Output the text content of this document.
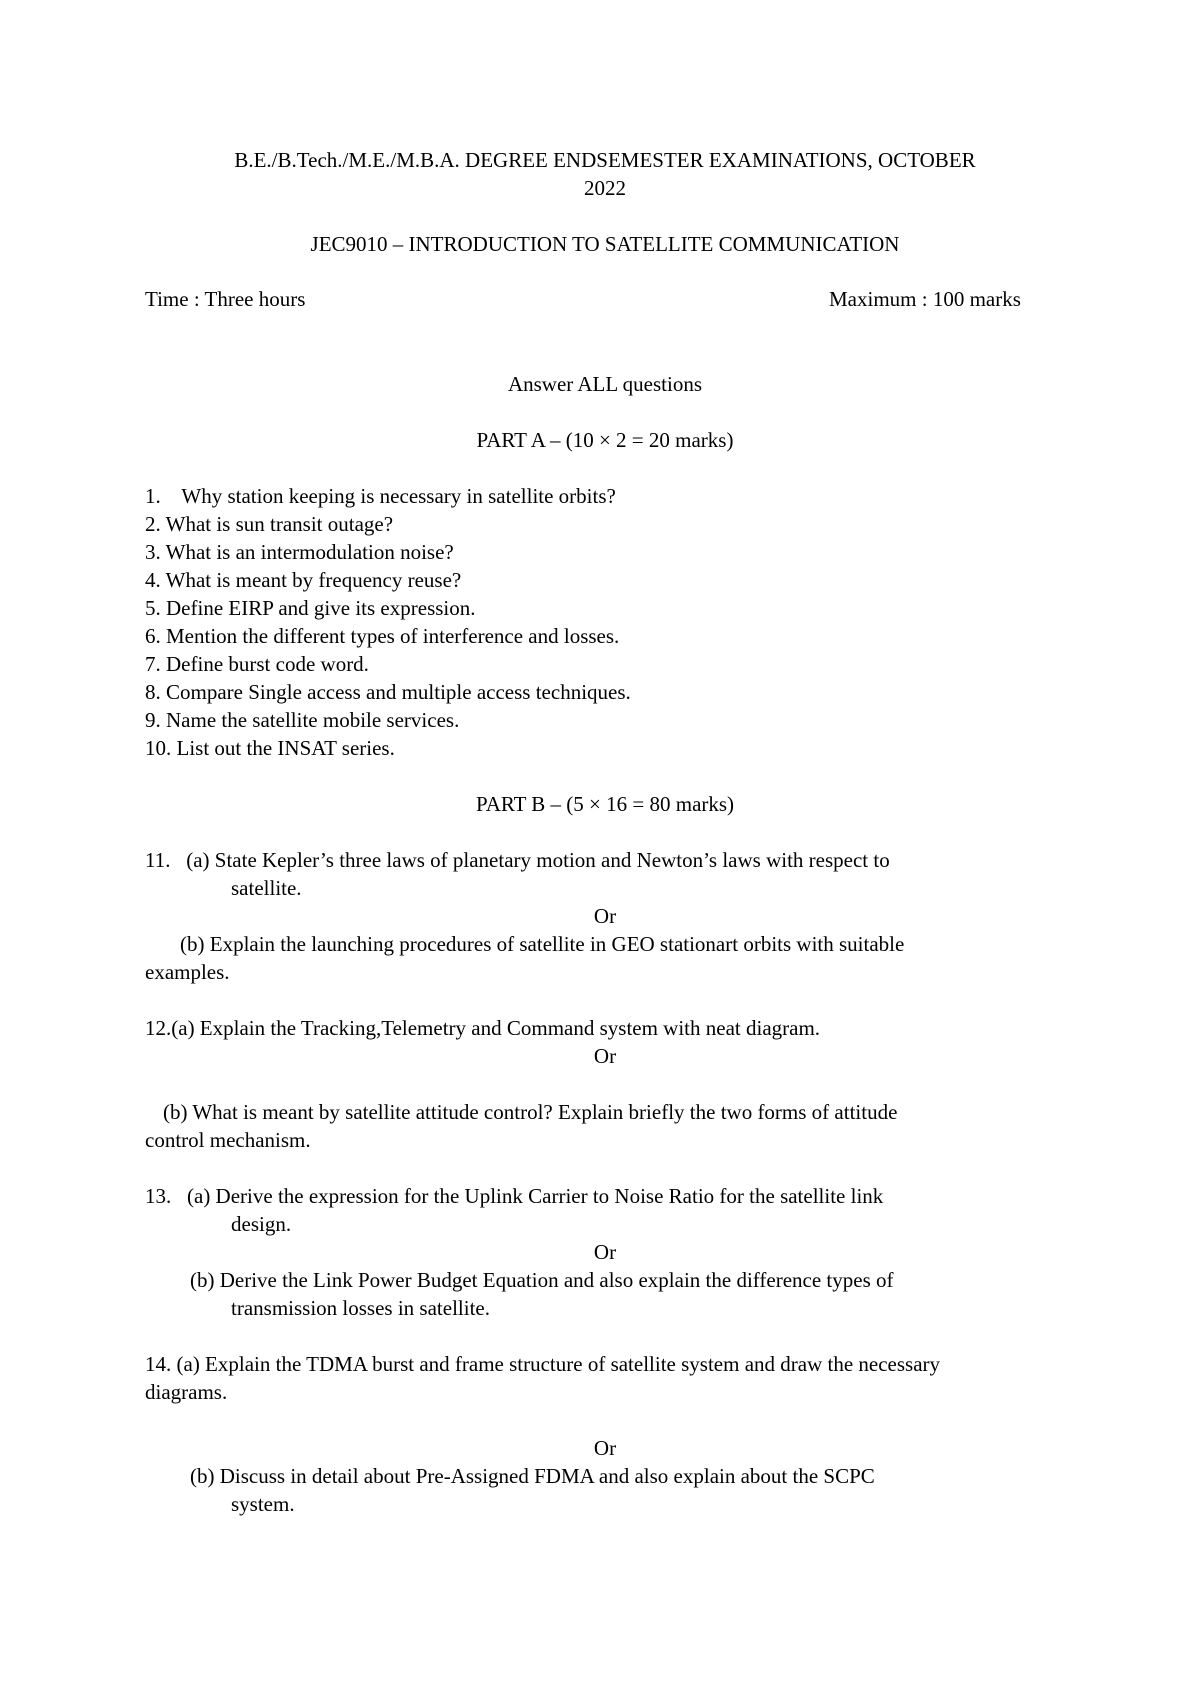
B.E./B.Tech./M.E./M.B.A. DEGREE ENDSEMESTER EXAMINATIONS, OCTOBER
2022
JEC9010 – INTRODUCTION TO SATELLITE COMMUNICATION
Time : Three hours	Maximum : 100 marks
Answer ALL questions
PART A – (10 × 2 = 20 marks)
1.    Why station keeping is necessary in satellite orbits?
2. What is sun transit outage?
3. What is an intermodulation noise?
4. What is meant by frequency reuse?
5. Define EIRP and give its expression.
6. Mention the different types of interference and losses.
7. Define burst code word.
8. Compare Single access and multiple access techniques.
9. Name the satellite mobile services.
10. List out the INSAT series.
PART B – (5 × 16 = 80 marks)
11.   (a) State Kepler’s three laws of planetary motion and Newton’s laws with respect to
satellite.
Or
(b) Explain the launching procedures of satellite in GEO stationart orbits with suitable
examples.
12.(a) Explain the Tracking,Telemetry and Command system with neat diagram.
Or
(b) What is meant by satellite attitude control? Explain briefly the two forms of attitude
control mechanism.
13.   (a) Derive the expression for the Uplink Carrier to Noise Ratio for the satellite link
design.
Or
(b) Derive the Link Power Budget Equation and also explain the difference types of
transmission losses in satellite.
14. (a) Explain the TDMA burst and frame structure of satellite system and draw the necessary
diagrams.
Or
(b) Discuss in detail about Pre-Assigned FDMA and also explain about the SCPC
system.
